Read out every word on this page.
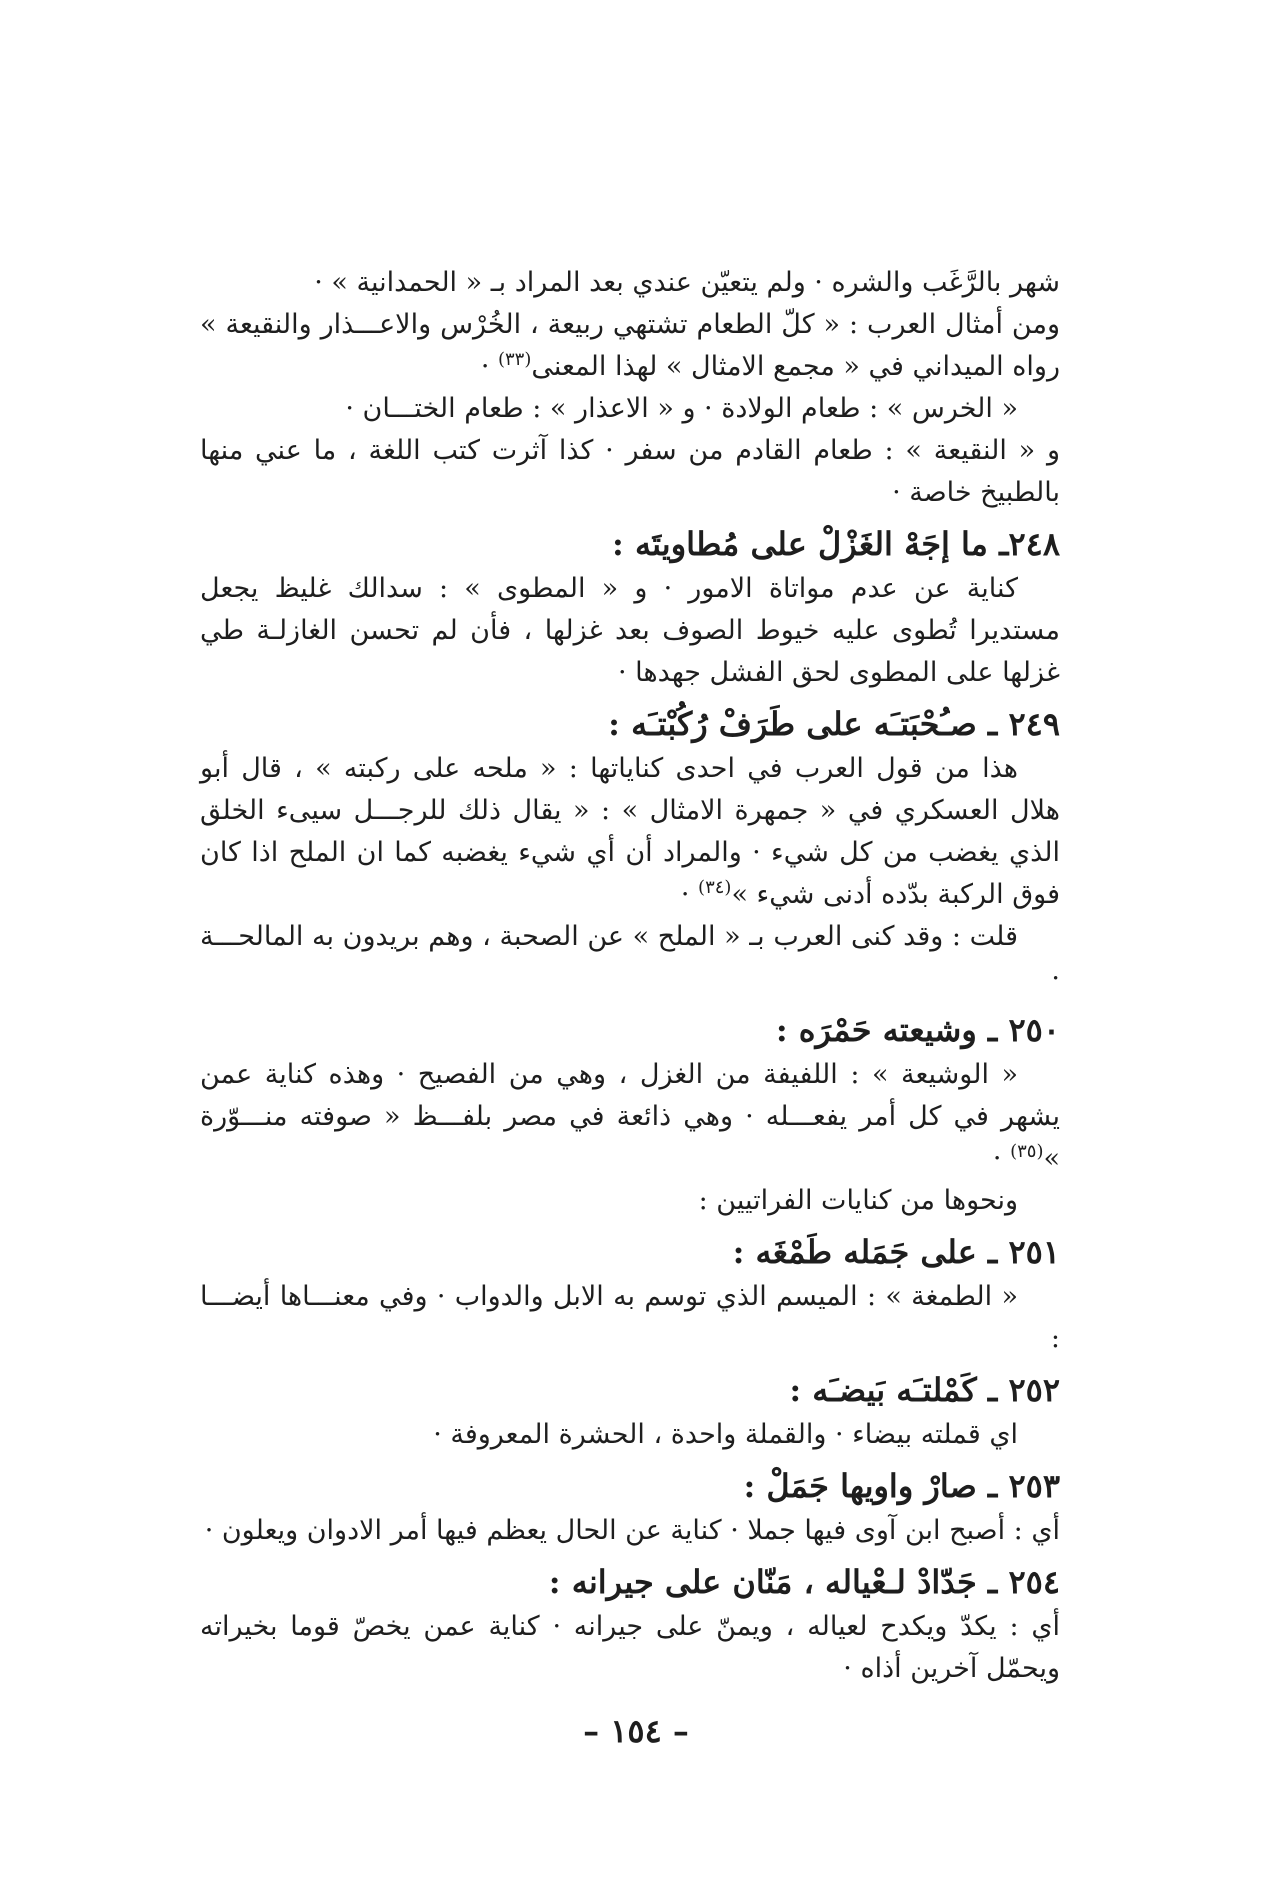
شهر بالرَّغَب والشره · ولم يتعيّن عندي بعد المراد بـ « الحمدانية » ·

ومن أمثال العرب : « كلّ الطعام تشتهي ربيعة ، الخُرْس والاعـــذار والنقيعة » رواه الميداني في « مجمع الامثال » لهذا المعنى$^{(٣٣)}$ ·

« الخرس » : طعام الولادة · و « الاعذار » : طعام الختـــان ·

و « النقيعة » : طعام القادم من سفر · كذا آثرت كتب اللغة ، ما عني منها بالطبيخ خاصة ·

٢٤٨ـ ما إجَهْ الغَزْلْ على مُطاويتَه :

كناية عن عدم مواتاة الامور · و « المطوى » : سدالك غليظ يجعل مستديرا تُطوى عليه خيوط الصوف بعد غزلها ، فأن لم تحسن الغازلـة طي غزلها على المطوى لحق الفشل جهدها ·

٢٤٩ ـ صـُحْبَتـَه على طَرَفْ رُكُبْتـَه :

هذا من قول العرب في احدى كناياتها : « ملحه على ركبته » ، قال أبو هلال العسكري في « جمهرة الامثال » : « يقال ذلك للرجـــل سيىء الخلق الذي يغضب من كل شيء · والمراد أن أي شيء يغضبه كما ان الملح اذا كان فوق الركبة بدّده أدنى شيء »$^{(٣٤)}$ ·

قلت : وقد كنى العرب بـ « الملح » عن الصحبة ، وهم بريدون به المالحـــة ·

٢٥٠ ـ وشيعته حَمْرَه :

« الوشيعة » : اللفيفة من الغزل ، وهي من الفصيح · وهذه كناية عمن يشهر في كل أمر يفعـــله · وهي ذائعة في مصر بلفـــظ « صوفته منـــوّرة »$^{(٣٥)}$ ·

ونحوها من كنايات الفراتيين :

٢٥١ ـ على جَمَله طَمْغَه :

« الطمغة » : الميسم الذي توسم به الابل والدواب · وفي معنـــاها أيضـــا :

٢٥٢ ـ كَمْلتـَه بَيضـَه :

اي قملته بيضاء · والقملة واحدة ، الحشرة المعروفة ·

٢٥٣ ـ صارْ واويها جَمَلْ :

أي : أصبح ابن آوى فيها جملا · كناية عن الحال يعظم فيها أمر الادوان ويعلون ·

٢٥٤ ـ جَدّادْ لـعْياله ، مَنّان على جيرانه :

أي : يكدّ ويكدح لعياله ، ويمنّ على جيرانه · كناية عمن يخصّ قوما بخيراته ويحمّل آخرين أذاه ·

– ١٥٤ –
